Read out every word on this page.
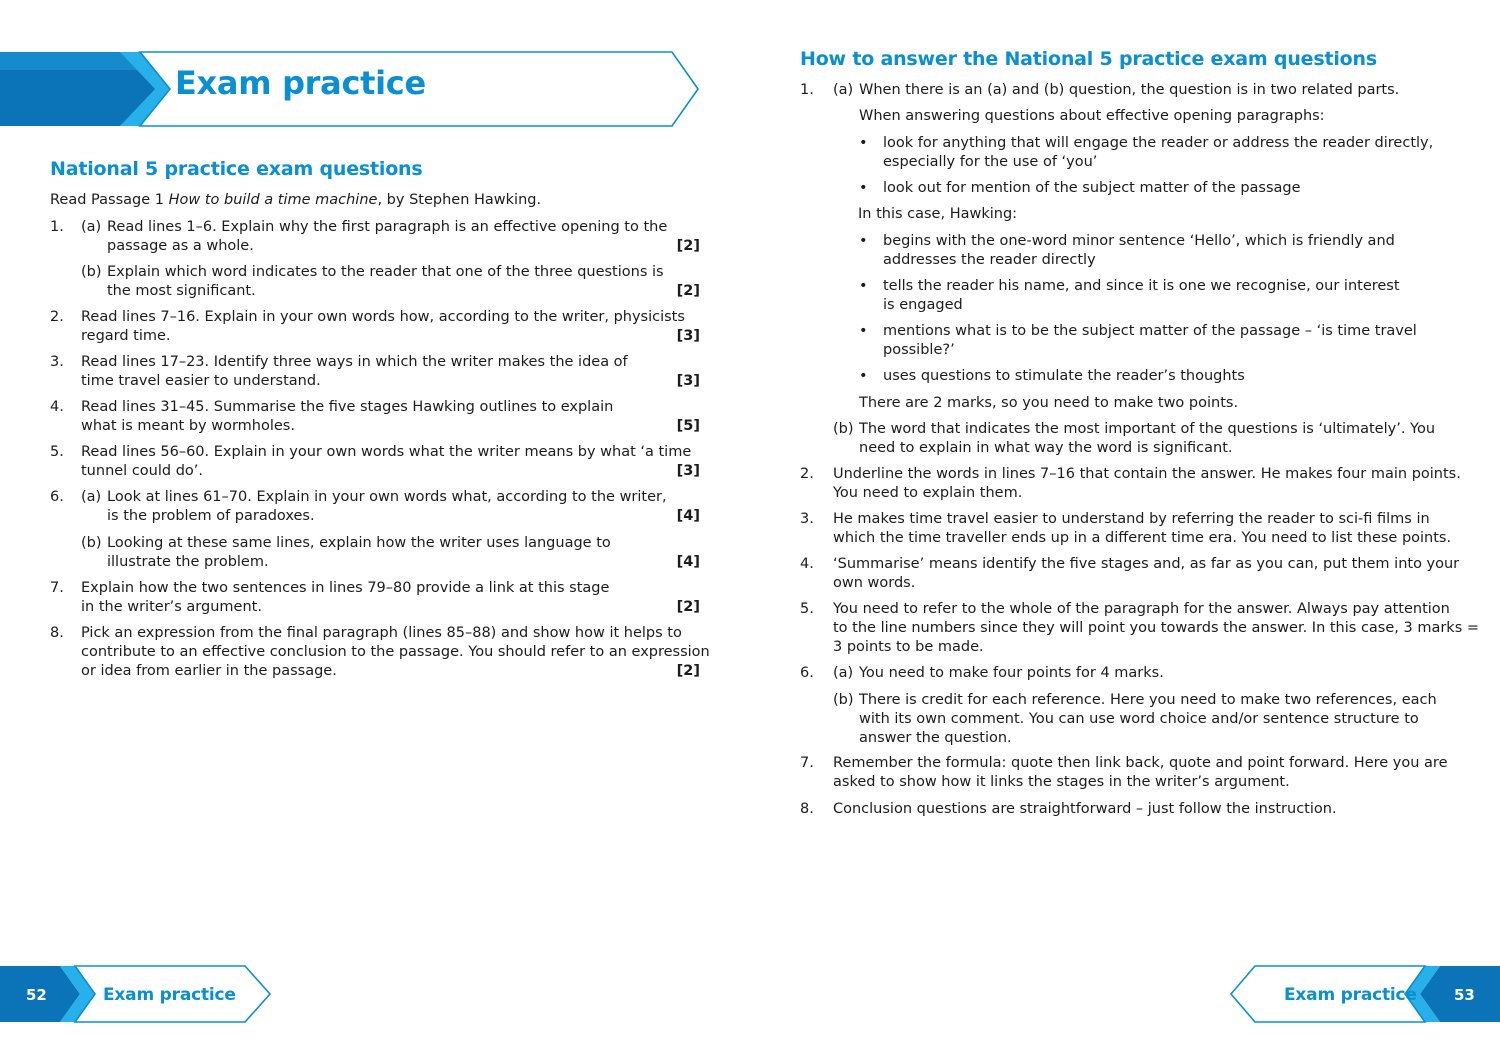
Exam practice
National 5 practice exam questions
Read Passage 1 How to build a time machine, by Stephen Hawking.
1. (a) Read lines 1–6. Explain why the first paragraph is an effective opening to the
passage as a whole.	[2]
(b) Explain which word indicates to the reader that one of the three questions is
the most significant.	[2]
2. Read lines 7–16. Explain in your own words how, according to the writer, physicists
regard time.	[3]
3. Read lines 17–23. Identify three ways in which the writer makes the idea of
time travel easier to understand.	[3]
4. Read lines 31–45. Summarise the five stages Hawking outlines to explain
what is meant by wormholes.	[5]
5. Read lines 56–60. Explain in your own words what the writer means by what ‘a time
tunnel could do’.	[3]
6. (a) Look at lines 61–70. Explain in your own words what, according to the writer,
is the problem of paradoxes.	[4]
(b) Looking at these same lines, explain how the writer uses language to
illustrate the problem.	[4]
7. Explain how the two sentences in lines 79–80 provide a link at this stage
in the writer’s argument.	[2]
8. Pick an expression from the final paragraph (lines 85–88) and show how it helps to
contribute to an effective conclusion to the passage. You should refer to an expression
or idea from earlier in the passage.	[2]
52	Exam practice
How to answer the National 5 practice exam questions
1. (a) When there is an (a) and (b) question, the question is in two related parts.
When answering questions about effective opening paragraphs:
• look for anything that will engage the reader or address the reader directly,
especially for the use of ‘you’
• look out for mention of the subject matter of the passage
In this case, Hawking:
• begins with the one-word minor sentence ‘Hello’, which is friendly and
addresses the reader directly
• tells the reader his name, and since it is one we recognise, our interest
is engaged
• mentions what is to be the subject matter of the passage – ‘is time travel
possible?’
• uses questions to stimulate the reader’s thoughts
There are 2 marks, so you need to make two points.
(b) The word that indicates the most important of the questions is ‘ultimately’. You
need to explain in what way the word is significant.
2. Underline the words in lines 7–16 that contain the answer. He makes four main points.
You need to explain them.
3. He makes time travel easier to understand by referring the reader to sci-fi films in
which the time traveller ends up in a different time era. You need to list these points.
4. ‘Summarise’ means identify the five stages and, as far as you can, put them into your
own words.
5. You need to refer to the whole of the paragraph for the answer. Always pay attention
to the line numbers since they will point you towards the answer. In this case, 3 marks =
3 points to be made.
6. (a) You need to make four points for 4 marks.
(b) There is credit for each reference. Here you need to make two references, each
with its own comment. You can use word choice and/or sentence structure to
answer the question.
7. Remember the formula: quote then link back, quote and point forward. Here you are
asked to show how it links the stages in the writer’s argument.
8. Conclusion questions are straightforward – just follow the instruction.
Exam practice 53
